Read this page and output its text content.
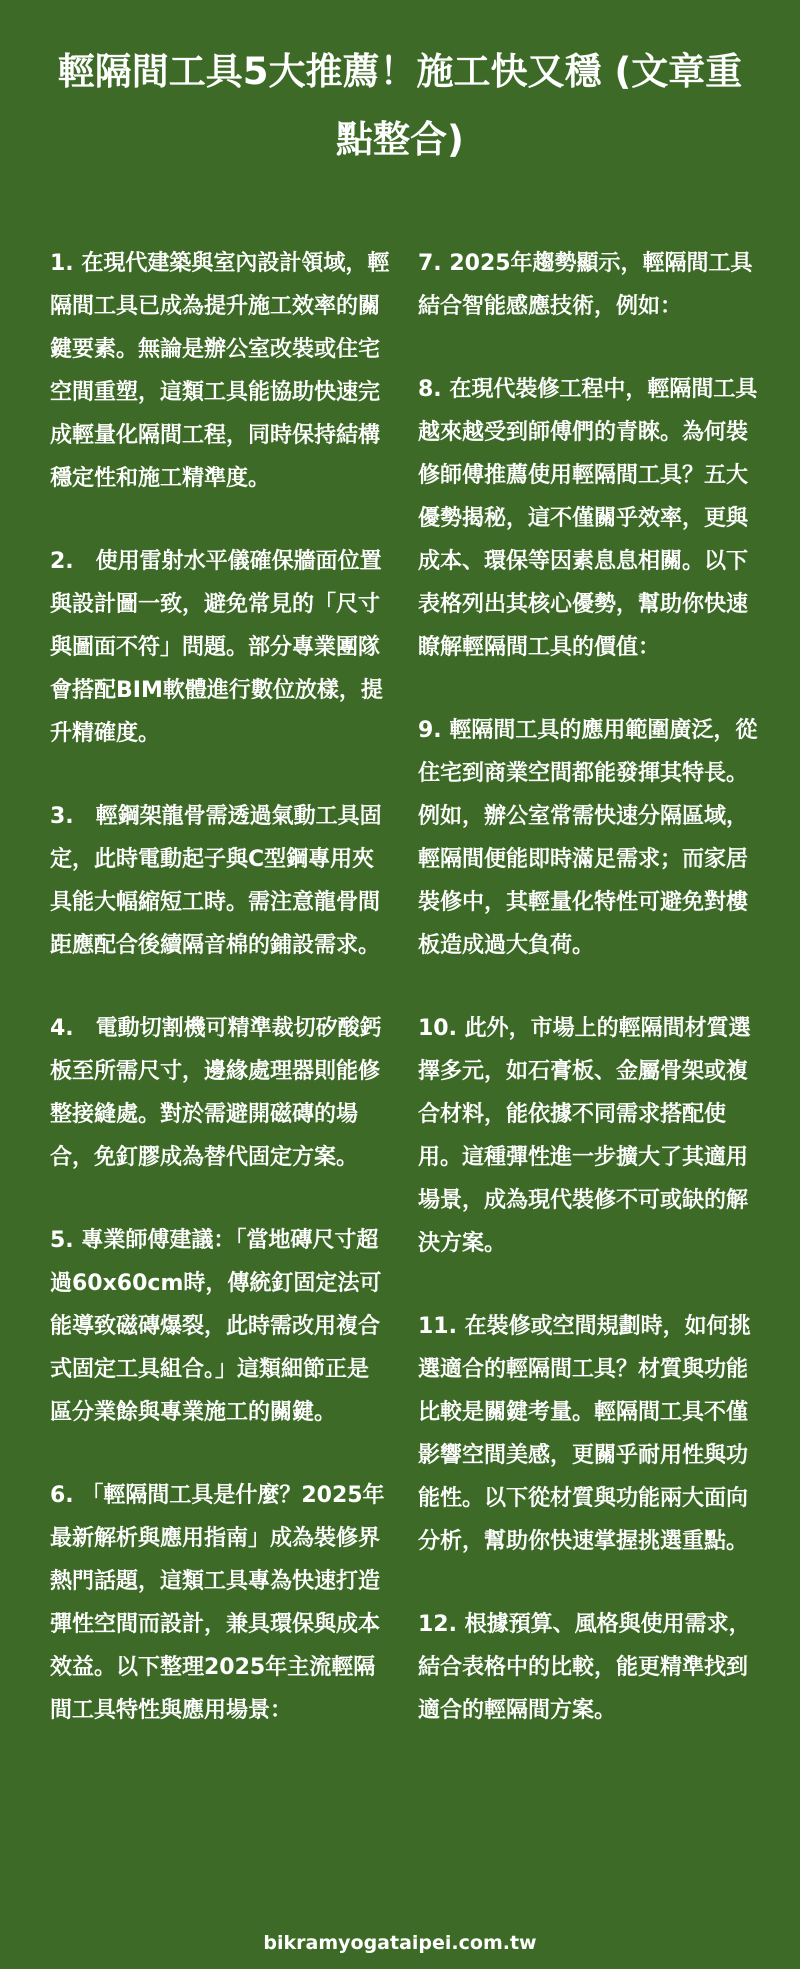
輕隔間工具5大推薦！施工快又穩 (文章重點整合)

1. 在現代建築與室內設計領域，輕隔間工具已成為提升施工效率的關鍵要素。無論是辦公室改裝或住宅空間重塑，這類工具能協助快速完成輕量化隔間工程，同時保持結構穩定性和施工精準度。

2.　使用雷射水平儀確保牆面位置與設計圖一致，避免常見的「尺寸與圖面不符」問題。部分專業團隊會搭配BIM軟體進行數位放樣，提升精確度。

3.　輕鋼架龍骨需透過氣動工具固定，此時電動起子與C型鋼專用夾具能大幅縮短工時。需注意龍骨間距應配合後續隔音棉的鋪設需求。

4.　電動切割機可精準裁切矽酸鈣板至所需尺寸，邊緣處理器則能修整接縫處。對於需避開磁磚的場合，免釘膠成為替代固定方案。

5. 專業師傅建議：「當地磚尺寸超過60x60cm時，傳統釘固定法可能導致磁磚爆裂，此時需改用複合式固定工具組合。」這類細節正是區分業餘與專業施工的關鍵。

6. 「輕隔間工具是什麼？2025年最新解析與應用指南」成為裝修界熱門話題，這類工具專為快速打造彈性空間而設計，兼具環保與成本效益。以下整理2025年主流輕隔間工具特性與應用場景：

7. 2025年趨勢顯示，輕隔間工具結合智能感應技術，例如：

8. 在現代裝修工程中，輕隔間工具越來越受到師傅們的青睞。為何裝修師傅推薦使用輕隔間工具？五大優勢揭秘，這不僅關乎效率，更與成本、環保等因素息息相關。以下表格列出其核心優勢，幫助你快速瞭解輕隔間工具的價值：

9. 輕隔間工具的應用範圍廣泛，從住宅到商業空間都能發揮其特長。例如，辦公室常需快速分隔區域，輕隔間便能即時滿足需求；而家居裝修中，其輕量化特性可避免對樓板造成過大負荷。

10. 此外，市場上的輕隔間材質選擇多元，如石膏板、金屬骨架或複合材料，能依據不同需求搭配使用。這種彈性進一步擴大了其適用場景，成為現代裝修不可或缺的解決方案。

11. 在裝修或空間規劃時，如何挑選適合的輕隔間工具？材質與功能比較是關鍵考量。輕隔間工具不僅影響空間美感，更關乎耐用性與功能性。以下從材質與功能兩大面向分析，幫助你快速掌握挑選重點。

12. 根據預算、風格與使用需求，結合表格中的比較，能更精準找到適合的輕隔間方案。

bikramyogataipei.com.tw
